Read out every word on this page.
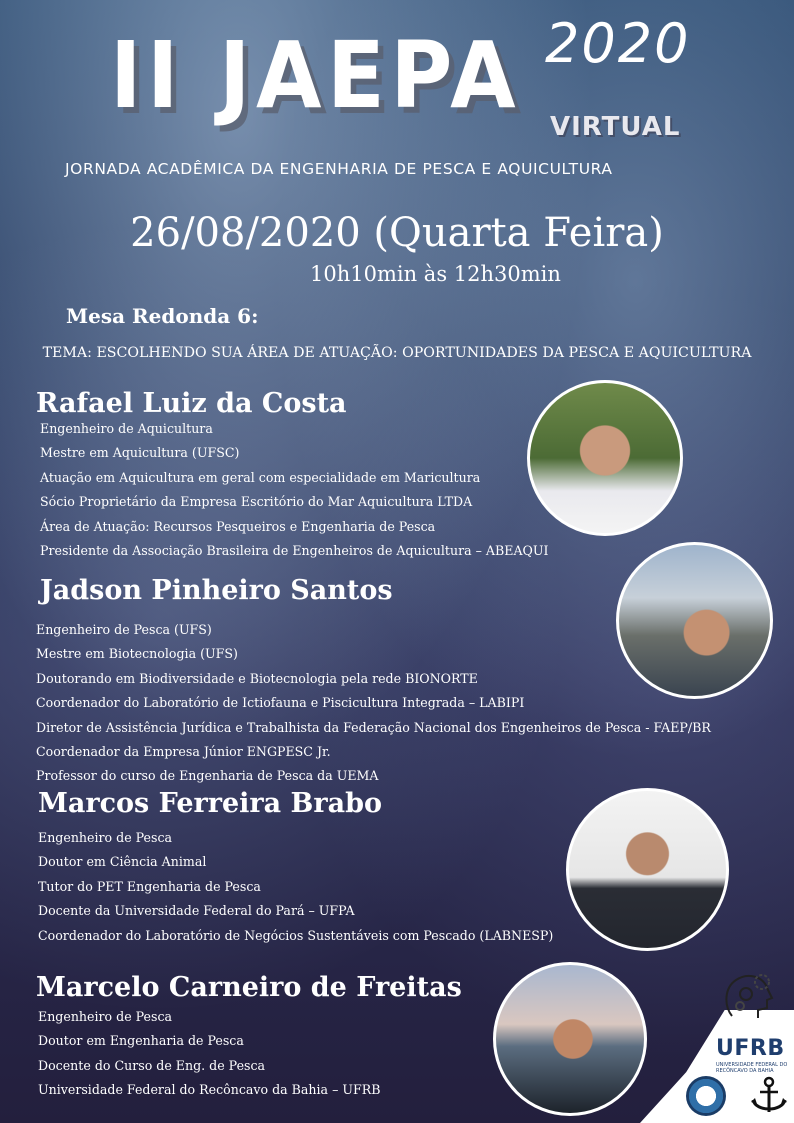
II JAEPA 2020
VIRTUAL
JORNADA ACADÊMICA DA ENGENHARIA DE PESCA E AQUICULTURA
26/08/2020 (Quarta Feira)
10h10min às 12h30min
Mesa Redonda 6:
TEMA: ESCOLHENDO SUA ÁREA DE ATUAÇÃO: OPORTUNIDADES DA PESCA E AQUICULTURA
Rafael Luiz da Costa
Engenheiro de Aquicultura
Mestre em Aquicultura (UFSC)
Atuação em Aquicultura em geral com especialidade em Maricultura
Sócio Proprietário da Empresa Escritório do Mar Aquicultura LTDA
Área de Atuação: Recursos Pesqueiros e Engenharia de Pesca
Presidente da Associação Brasileira de Engenheiros de Aquicultura – ABEAQUI
Jadson Pinheiro Santos
Engenheiro de Pesca (UFS)
Mestre em Biotecnologia (UFS)
Doutorando em Biodiversidade e Biotecnologia pela rede BIONORTE
Coordenador do Laboratório de Ictiofauna e Piscicultura Integrada – LABIPI
Diretor de Assistência Jurídica e Trabalhista da Federação Nacional dos Engenheiros de Pesca - FAEP/BR
Coordenador da Empresa Júnior ENGPESC Jr.
Professor do curso de Engenharia de Pesca da UEMA
Marcos Ferreira Brabo
Engenheiro de Pesca
Doutor em Ciência Animal
Tutor do PET Engenharia de Pesca
Docente da Universidade Federal do Pará – UFPA
Coordenador do Laboratório de Negócios Sustentáveis com Pescado (LABNESP)
Marcelo Carneiro de Freitas
Engenheiro de Pesca
Doutor em Engenharia de Pesca
Docente do Curso de Eng. de Pesca
Universidade Federal do Recôncavo da Bahia – UFRB
UFRB
UNIVERSIDADE FEDERAL DO RECÔNCAVO DA BAHIA
